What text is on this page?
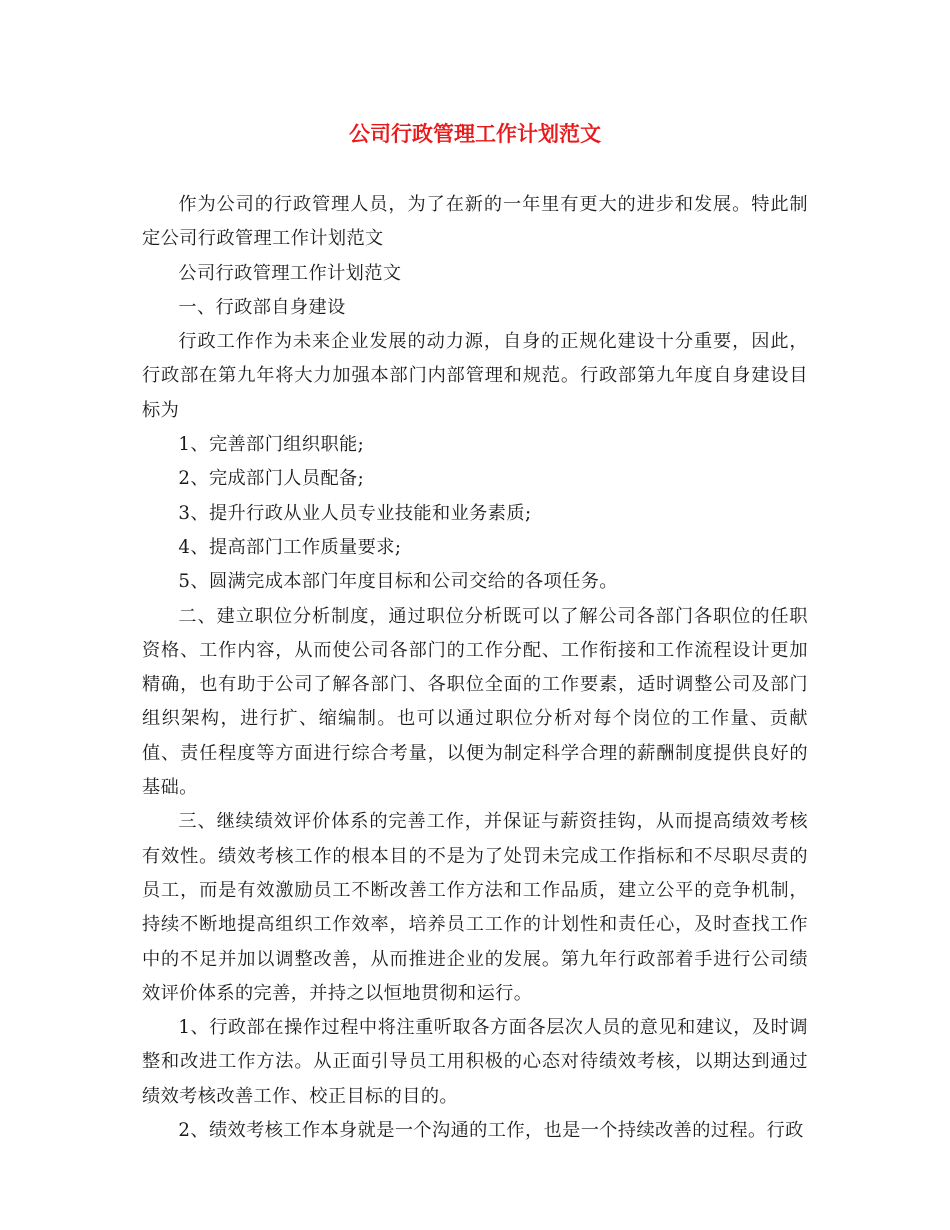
公司行政管理工作计划范文

作为公司的行政管理人员，为了在新的一年里有更大的进步和发展。特此制定公司行政管理工作计划范文

公司行政管理工作计划范文

一、行政部自身建设

行政工作作为未来企业发展的动力源，自身的正规化建设十分重要，因此，行政部在第九年将大力加强本部门内部管理和规范。行政部第九年度自身建设目标为

1、完善部门组织职能;

2、完成部门人员配备;

3、提升行政从业人员专业技能和业务素质;

4、提高部门工作质量要求;

5、圆满完成本部门年度目标和公司交给的各项任务。

二、建立职位分析制度，通过职位分析既可以了解公司各部门各职位的任职资格、工作内容，从而使公司各部门的工作分配、工作衔接和工作流程设计更加精确，也有助于公司了解各部门、各职位全面的工作要素，适时调整公司及部门组织架构，进行扩、缩编制。也可以通过职位分析对每个岗位的工作量、贡献值、责任程度等方面进行综合考量，以便为制定科学合理的薪酬制度提供良好的基础。

三、继续绩效评价体系的完善工作，并保证与薪资挂钩，从而提高绩效考核有效性。绩效考核工作的根本目的不是为了处罚未完成工作指标和不尽职尽责的员工，而是有效激励员工不断改善工作方法和工作品质，建立公平的竞争机制，持续不断地提高组织工作效率，培养员工工作的计划性和责任心，及时查找工作中的不足并加以调整改善，从而推进企业的发展。第九年行政部着手进行公司绩效评价体系的完善，并持之以恒地贯彻和运行。

1、行政部在操作过程中将注重听取各方面各层次人员的意见和建议，及时调整和改进工作方法。从正面引导员工用积极的心态对待绩效考核，以期达到通过绩效考核改善工作、校正目标的目的。

2、绩效考核工作本身就是一个沟通的工作，也是一个持续改善的过程。行政
